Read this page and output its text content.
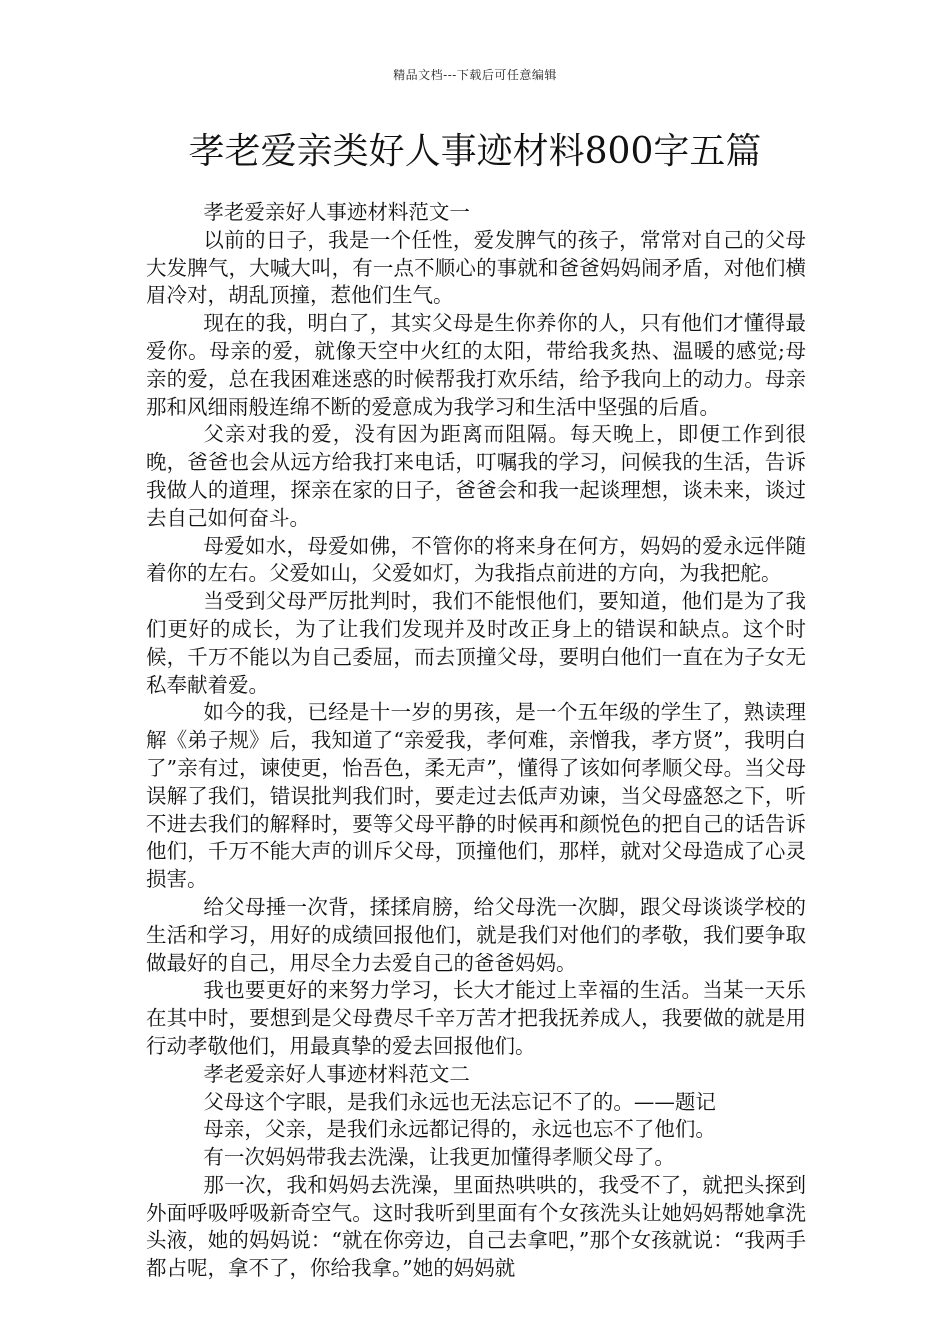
精品文档---下载后可任意编辑
孝老爱亲类好人事迹材料800字五篇

孝老爱亲好人事迹材料范文一

以前的日子，我是一个任性，爱发脾气的孩子，常常对自己的父母大发脾气，大喊大叫，有一点不顺心的事就和爸爸妈妈闹矛盾，对他们横眉冷对，胡乱顶撞，惹他们生气。

现在的我，明白了，其实父母是生你养你的人，只有他们才懂得最爱你。母亲的爱，就像天空中火红的太阳，带给我炙热、温暖的感觉;母亲的爱，总在我困难迷惑的时候帮我打欢乐结，给予我向上的动力。母亲那和风细雨般连绵不断的爱意成为我学习和生活中坚强的后盾。

父亲对我的爱，没有因为距离而阻隔。每天晚上，即便工作到很晚，爸爸也会从远方给我打来电话，叮嘱我的学习，问候我的生活，告诉我做人的道理，探亲在家的日子，爸爸会和我一起谈理想，谈未来，谈过去自己如何奋斗。

母爱如水，母爱如佛，不管你的将来身在何方，妈妈的爱永远伴随着你的左右。父爱如山，父爱如灯，为我指点前进的方向，为我把舵。

当受到父母严厉批判时，我们不能恨他们，要知道，他们是为了我们更好的成长，为了让我们发现并及时改正身上的错误和缺点。这个时候，千万不能以为自己委屈，而去顶撞父母，要明白他们一直在为子女无私奉献着爱。

如今的我，已经是十一岁的男孩，是一个五年级的学生了，熟读理解《弟子规》后，我知道了“亲爱我，孝何难，亲憎我，孝方贤”，我明白了”亲有过，谏使更，怡吾色，柔无声”，懂得了该如何孝顺父母。当父母误解了我们，错误批判我们时，要走过去低声劝谏，当父母盛怒之下，听不进去我们的解释时，要等父母平静的时候再和颜悦色的把自己的话告诉他们，千万不能大声的训斥父母，顶撞他们，那样，就对父母造成了心灵损害。

给父母捶一次背，揉揉肩膀，给父母洗一次脚，跟父母谈谈学校的生活和学习，用好的成绩回报他们，就是我们对他们的孝敬，我们要争取做最好的自己，用尽全力去爱自己的爸爸妈妈。

我也要更好的来努力学习，长大才能过上幸福的生活。当某一天乐在其中时，要想到是父母费尽千辛万苦才把我抚养成人，我要做的就是用行动孝敬他们，用最真挚的爱去回报他们。

孝老爱亲好人事迹材料范文二

父母这个字眼，是我们永远也无法忘记不了的。——题记

母亲，父亲，是我们永远都记得的，永远也忘不了他们。

有一次妈妈带我去洗澡，让我更加懂得孝顺父母了。

那一次，我和妈妈去洗澡，里面热哄哄的，我受不了，就把头探到外面呼吸呼吸新奇空气。这时我听到里面有个女孩洗头让她妈妈帮她拿洗头液，她的妈妈说：“就在你旁边，自己去拿吧，”那个女孩就说：“我两手都占呢，拿不了，你给我拿。”她的妈妈就
